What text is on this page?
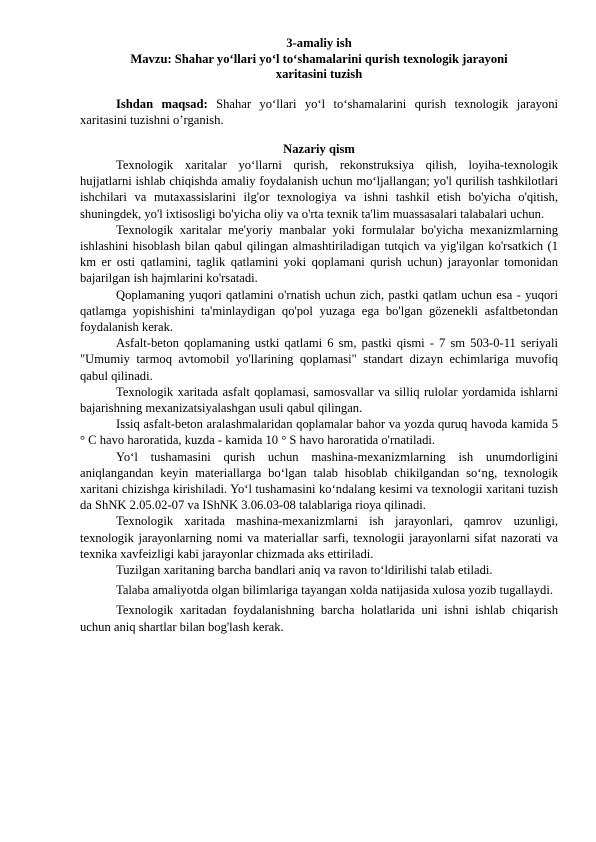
3-amaliy ish
Mavzu: Shahar yo‘llari yo‘l to‘shamalarini qurish texnologik jarayoni
xaritasini tuzish

Ishdan maqsad: Shahar yo‘llari yo‘l to‘shamalarini qurish texnologik jarayoni xaritasini tuzishni o’rganish.

Nazariy qism

Texnologik xaritalar yo‘llarni qurish, rekonstruksiya qilish, loyiha-texnologik hujjatlarni ishlab chiqishda amaliy foydalanish uchun mo‘ljallangan; yo'l qurilish tashkilotlari ishchilari va mutaxassislarini ilg'or texnologiya va ishni tashkil etish bo'yicha o'qitish, shuningdek, yo'l ixtisosligi bo'yicha oliy va o'rta texnik ta'lim muassasalari talabalari uchun.

Texnologik xaritalar me'yoriy manbalar yoki formulalar bo'yicha mexanizmlarning ishlashini hisoblash bilan qabul qilingan almashtiriladigan tutqich va yig'ilgan ko'rsatkich (1 km er osti qatlamini, taglik qatlamini yoki qoplamani qurish uchun) jarayonlar tomonidan bajarilgan ish hajmlarini ko'rsatadi.

Qoplamaning yuqori qatlamini o'rnatish uchun zich, pastki qatlam uchun esa - yuqori qatlamga yopishishini ta'minlaydigan qo'pol yuzaga ega bo'lgan gözenekli asfaltbetondan foydalanish kerak.

Asfalt-beton qoplamaning ustki qatlami 6 sm, pastki qismi - 7 sm 503-0-11 seriyali "Umumiy tarmoq avtomobil yo'llarining qoplamasi" standart dizayn echimlariga muvofiq qabul qilinadi.

Texnologik xaritada asfalt qoplamasi, samosvallar va silliq rulolar yordamida ishlarni bajarishning mexanizatsiyalashgan usuli qabul qilingan.

Issiq asfalt-beton aralashmalaridan qoplamalar bahor va yozda quruq havoda kamida 5 ° C havo haroratida, kuzda - kamida 10 ° S havo haroratida o'rnatiladi.

Yo‘l tushamasini qurish uchun mashina-mexanizmlarning ish unumdorligini aniqlangandan keyin materiallarga bo‘lgan talab hisoblab chikilgandan so‘ng, texnologik xaritani chizishga kirishiladi. Yo‘l tushamasini ko‘ndalang kesimi va texnologii xaritani tuzish da ShNK 2.05.02-07 va IShNK 3.06.03-08 talablariga rioya qilinadi.

Texnologik xaritada mashina-mexanizmlarni ish jarayonlari, qamrov uzunligi, texnologik jarayonlarning nomi va materiallar sarfi, texnologii jarayonlarni sifat nazorati va texnika xavfeizligi kabi jarayonlar chizmada aks ettiriladi.

Tuzilgan xaritaning barcha bandlari aniq va ravon to‘ldirilishi talab etiladi.

Talaba amaliyotda olgan bilimlariga tayangan xolda natijasida xulosa yozib tugallaydi.

Texnologik xaritadan foydalanishning barcha holatlarida uni ishni ishlab chiqarish uchun aniq shartlar bilan bog'lash kerak.
